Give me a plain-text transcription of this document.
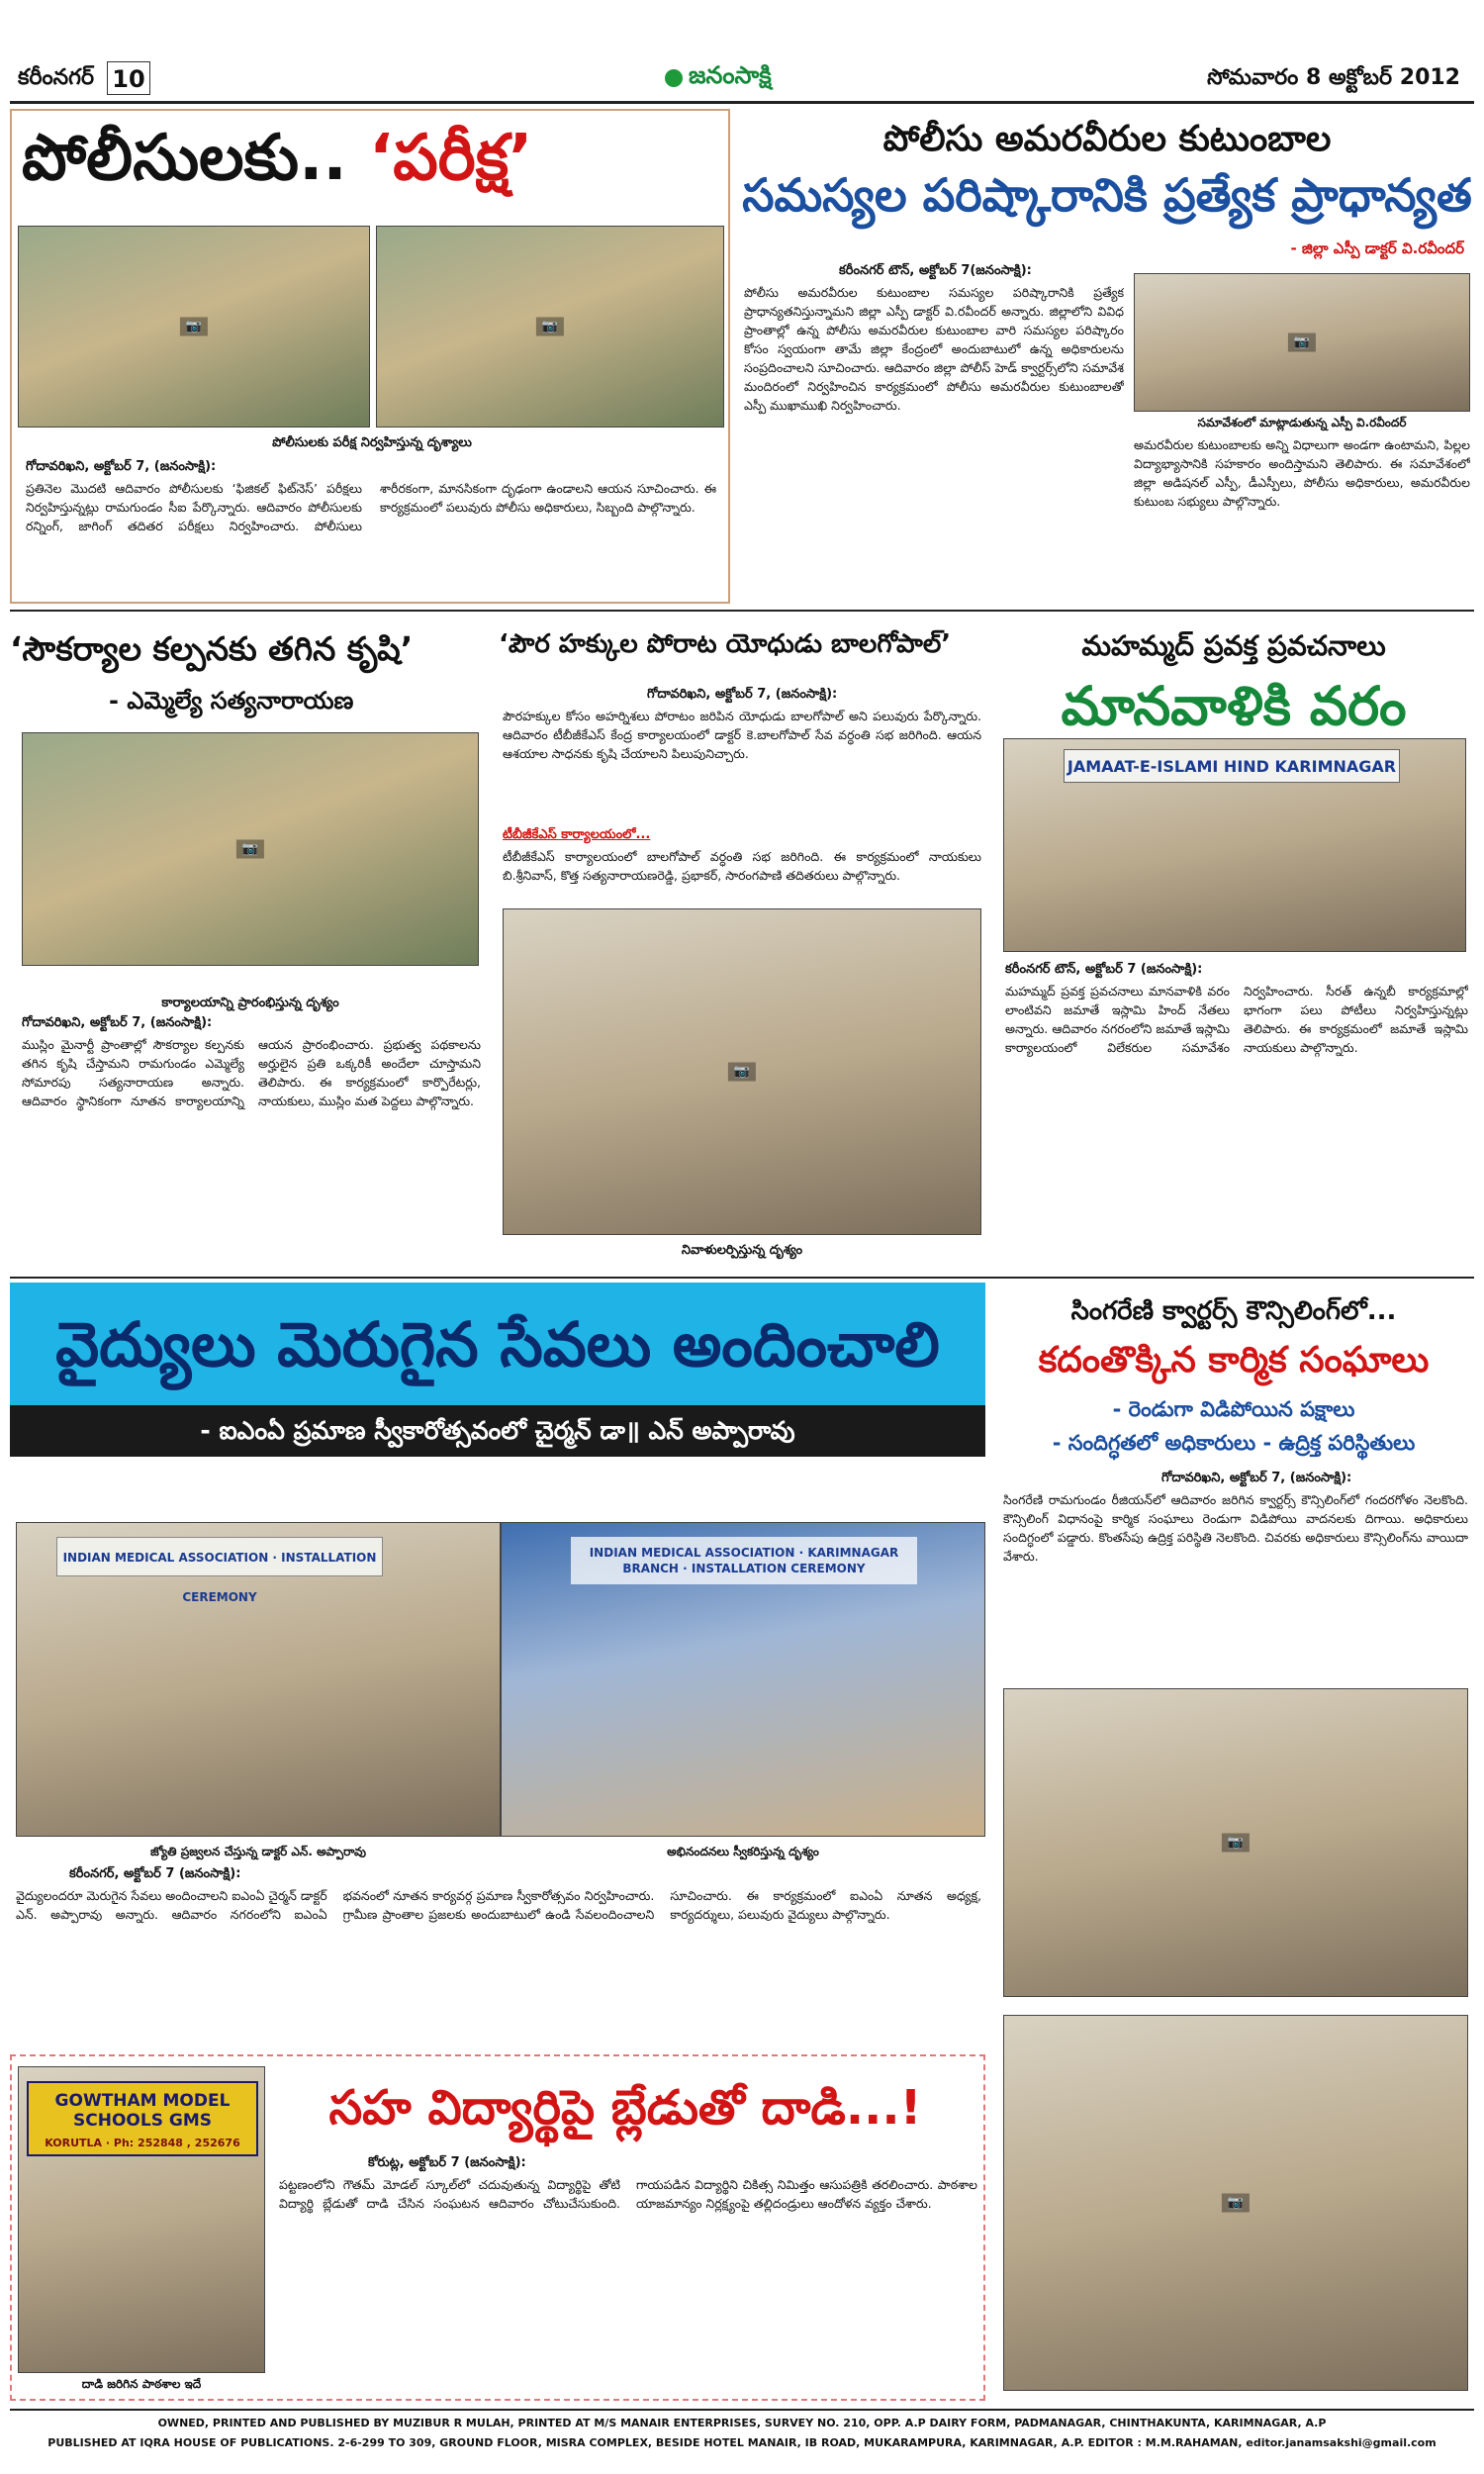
కరీంనగర్ 10	జనంసాక్షి	సోమవారం 8 అక్టోబర్ 2012
పోలీసులకు.. ‘పరీక్ష’
📷	📷
పోలీసులకు పరీక్ష నిర్వహిస్తున్న దృశ్యాలు
గోదావరిఖని, అక్టోబర్ 7, (జనంసాక్షి):
ప్రతినెల మొదటి ఆదివారం పోలీసులకు ‘ఫిజికల్ ఫిట్‌నెస్’ పరీక్షలు నిర్వహిస్తున్నట్లు రామగుండం సీఐ పేర్కొన్నారు. ఆదివారం పోలీసులకు రన్నింగ్, జాగింగ్ తదితర పరీక్షలు నిర్వహించారు. పోలీసులు శారీరకంగా, మానసికంగా దృఢంగా ఉండాలని ఆయన సూచించారు. ఈ కార్యక్రమంలో పలువురు పోలీసు అధికారులు, సిబ్బంది పాల్గొన్నారు.
పోలీసు అమరవీరుల కుటుంబాల
సమస్యల పరిష్కారానికి ప్రత్యేక ప్రాధాన్యత
- జిల్లా ఎస్పీ డాక్టర్ వి.రవీందర్
కరీంనగర్ టౌన్, అక్టోబర్ 7(జనంసాక్షి):
పోలీసు అమరవీరుల కుటుంబాల సమస్యల పరిష్కారానికి ప్రత్యేక ప్రాధాన్యతనిస్తున్నామని జిల్లా ఎస్పీ డాక్టర్ వి.రవీందర్ అన్నారు. జిల్లాలోని వివిధ ప్రాంతాల్లో ఉన్న పోలీసు అమరవీరుల కుటుంబాల వారి సమస్యల పరిష్కారం కోసం స్వయంగా తామే జిల్లా కేంద్రంలో అందుబాటులో ఉన్న అధికారులను సంప్రదించాలని సూచించారు. ఆదివారం జిల్లా పోలీస్ హెడ్ క్వార్టర్స్‌లోని సమావేశ మందిరంలో నిర్వహించిన కార్యక్రమంలో పోలీసు అమరవీరుల కుటుంబాలతో ఎస్పీ ముఖాముఖి నిర్వహించారు.
📷
సమావేశంలో మాట్లాడుతున్న ఎస్పీ వి.రవీందర్
అమరవీరుల కుటుంబాలకు అన్ని విధాలుగా అండగా ఉంటామని, పిల్లల విద్యాభ్యాసానికి సహకారం అందిస్తామని తెలిపారు. ఈ సమావేశంలో జిల్లా అడిషనల్ ఎస్పీ, డీఎస్పీలు, పోలీసు అధికారులు, అమరవీరుల కుటుంబ సభ్యులు పాల్గొన్నారు.
‘సౌకర్యాల కల్పనకు తగిన కృషి’
- ఎమ్మెల్యే సత్యనారాయణ
📷
కార్యాలయాన్ని ప్రారంభిస్తున్న దృశ్యం
గోదావరిఖని, అక్టోబర్ 7, (జనంసాక్షి):
ముస్లిం మైనార్టీ ప్రాంతాల్లో సౌకర్యాల కల్పనకు తగిన కృషి చేస్తామని రామగుండం ఎమ్మెల్యే సోమారపు సత్యనారాయణ అన్నారు. ఆదివారం స్థానికంగా నూతన కార్యాలయాన్ని ఆయన ప్రారంభించారు. ప్రభుత్వ పథకాలను అర్హులైన ప్రతి ఒక్కరికీ అందేలా చూస్తామని తెలిపారు. ఈ కార్యక్రమంలో కార్పొరేటర్లు, నాయకులు, ముస్లిం మత పెద్దలు పాల్గొన్నారు.
‘పౌర హక్కుల పోరాట యోధుడు బాలగోపాల్’
గోదావరిఖని, అక్టోబర్ 7, (జనంసాక్షి):
పౌరహక్కుల కోసం అహర్నిశలు పోరాటం జరిపిన యోధుడు బాలగోపాల్ అని పలువురు పేర్కొన్నారు. ఆదివారం టీబీజీకేఎస్ కేంద్ర కార్యాలయంలో డాక్టర్ కె.బాలగోపాల్ సేవ వర్ధంతి సభ జరిగింది. ఆయన ఆశయాల సాధనకు కృషి చేయాలని పిలుపునిచ్చారు.
టీబీజీకేఎస్ కార్యాలయంలో...
టీబీజీకేఎస్ కార్యాలయంలో బాలగోపాల్ వర్ధంతి సభ జరిగింది. ఈ కార్యక్రమంలో నాయకులు బి.శ్రీనివాస్, కొత్త సత్యనారాయణరెడ్డి, ప్రభాకర్, సారంగపాణి తదితరులు పాల్గొన్నారు.
📷
నివాళులర్పిస్తున్న దృశ్యం
మహమ్మద్ ప్రవక్త ప్రవచనాలు
మానవాళికి వరం
JAMAAT-E-ISLAMI HIND KARIMNAGAR
కరీంనగర్ టౌన్, అక్టోబర్ 7 (జనంసాక్షి):
మహమ్మద్ ప్రవక్త ప్రవచనాలు మానవాళికి వరం లాంటివని జమాతే ఇస్లామి హింద్ నేతలు అన్నారు. ఆదివారం నగరంలోని జమాతే ఇస్లామి కార్యాలయంలో విలేకరుల సమావేశం నిర్వహించారు. సీరత్ ఉన్నబీ కార్యక్రమాల్లో భాగంగా పలు పోటీలు నిర్వహిస్తున్నట్లు తెలిపారు. ఈ కార్యక్రమంలో జమాతే ఇస్లామి నాయకులు పాల్గొన్నారు.
వైద్యులు మెరుగైన సేవలు అందించాలి
- ఐఎంఏ ప్రమాణ స్వీకారోత్సవంలో చైర్మన్ డా॥ ఎన్ అప్పారావు
INDIAN MEDICAL ASSOCIATION · INSTALLATION CEREMONY
INDIAN MEDICAL ASSOCIATION · KARIMNAGAR BRANCH · INSTALLATION CEREMONY
జ్యోతి ప్రజ్వలన చేస్తున్న డాక్టర్ ఎన్. అప్పారావు	అభినందనలు స్వీకరిస్తున్న దృశ్యం
కరీంనగర్, అక్టోబర్ 7 (జనంసాక్షి):
వైద్యులందరూ మెరుగైన సేవలు అందించాలని ఐఎంఏ చైర్మన్ డాక్టర్ ఎన్. అప్పారావు అన్నారు. ఆదివారం నగరంలోని ఐఎంఏ భవనంలో నూతన కార్యవర్గ ప్రమాణ స్వీకారోత్సవం నిర్వహించారు. గ్రామీణ ప్రాంతాల ప్రజలకు అందుబాటులో ఉండి సేవలందించాలని సూచించారు. ఈ కార్యక్రమంలో ఐఎంఏ నూతన అధ్యక్ష, కార్యదర్శులు, పలువురు వైద్యులు పాల్గొన్నారు.
సింగరేణి క్వార్టర్స్ కౌన్సిలింగ్‌లో...
కదంతొక్కిన కార్మిక సంఘాలు
- రెండుగా విడిపోయిన పక్షాలు
- సందిగ్ధతలో అధికారులు - ఉద్రిక్త పరిస్థితులు
గోదావరిఖని, అక్టోబర్ 7, (జనంసాక్షి):
సింగరేణి రామగుండం రీజియన్‌లో ఆదివారం జరిగిన క్వార్టర్స్ కౌన్సిలింగ్‌లో గందరగోళం నెలకొంది. కౌన్సిలింగ్ విధానంపై కార్మిక సంఘాలు రెండుగా విడిపోయి వాదనలకు దిగాయి. అధికారులు సందిగ్ధంలో పడ్డారు. కొంతసేపు ఉద్రిక్త పరిస్థితి నెలకొంది. చివరకు అధికారులు కౌన్సిలింగ్‌ను వాయిదా వేశారు.
📷
📷
GOWTHAM MODEL SCHOOLS GMS
KORUTLA · Ph: 252848 , 252676
దాడి జరిగిన పాఠశాల ఇదే
సహ విద్యార్థిపై బ్లేడుతో దాడి...!
కోరుట్ల, అక్టోబర్ 7 (జనంసాక్షి):
పట్టణంలోని గౌతమ్ మోడల్ స్కూల్‌లో చదువుతున్న విద్యార్థిపై తోటి విద్యార్థి బ్లేడుతో దాడి చేసిన సంఘటన ఆదివారం చోటుచేసుకుంది. గాయపడిన విద్యార్థిని చికిత్స నిమిత్తం ఆసుపత్రికి తరలించారు. పాఠశాల యాజమాన్యం నిర్లక్ష్యంపై తల్లిదండ్రులు ఆందోళన వ్యక్తం చేశారు.
OWNED, PRINTED AND PUBLISHED BY MUZIBUR R MULAH, PRINTED AT M/S MANAIR ENTERPRISES, SURVEY NO. 210, OPP. A.P DAIRY FORM, PADMANAGAR, CHINTHAKUNTA, KARIMNAGAR, A.P
PUBLISHED AT IQRA HOUSE OF PUBLICATIONS. 2-6-299 TO 309, GROUND FLOOR, MISRA COMPLEX, BESIDE HOTEL MANAIR, IB ROAD, MUKARAMPURA, KARIMNAGAR, A.P. EDITOR : M.M.RAHAMAN, editor.janamsakshi@gmail.com
